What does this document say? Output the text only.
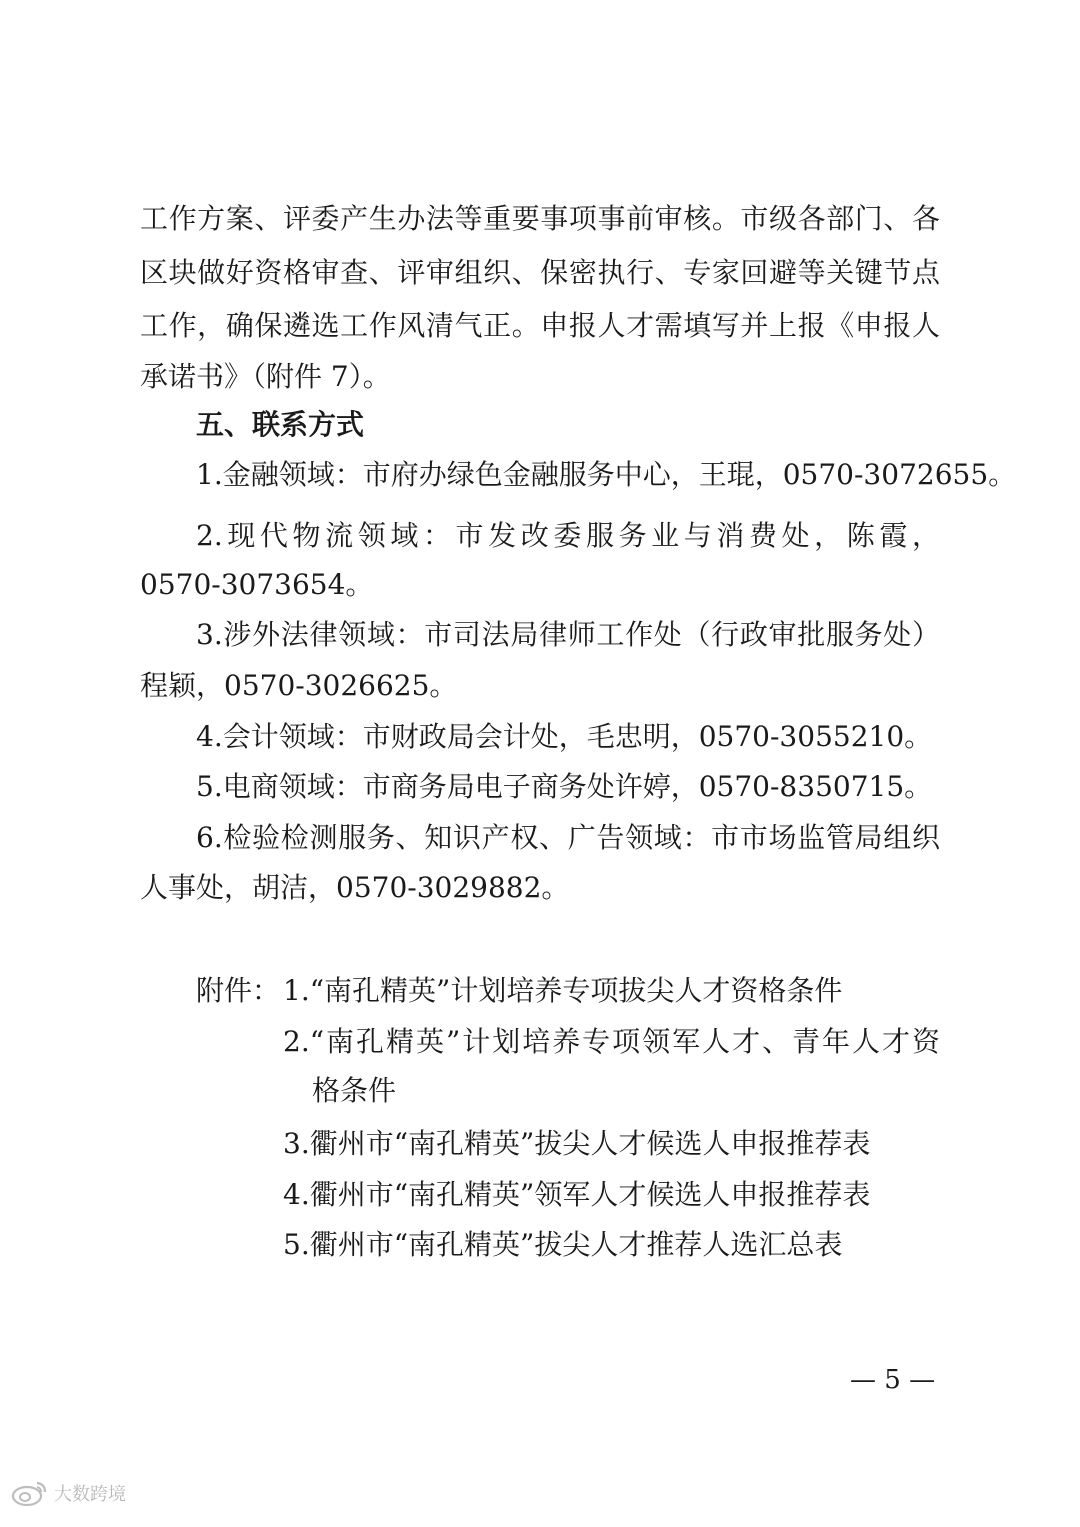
工作方案、评委产生办法等重要事项事前审核。市级各部门、各
区块做好资格审查、评审组织、保密执行、专家回避等关键节点
工作，确保遴选工作风清气正。申报人才需填写并上报《申报人
承诺书》（附件 7）。
五、联系方式
1.金融领域：市府办绿色金融服务中心，王琨，0570-3072655。
2.现代物流领域：市发改委服务业与消费处，陈霞，
0570-3073654。
3.涉外法律领域：市司法局律师工作处（行政审批服务处）
程颖，0570-3026625。
4.会计领域：市财政局会计处，毛忠明，0570-3055210。
5.电商领域：市商务局电子商务处许婷，0570-8350715。
6.检验检测服务、知识产权、广告领域：市市场监管局组织
人事处，胡洁，0570-3029882。
附件： 1.“南孔精英”计划培养专项拔尖人才资格条件
2.“南孔精英”计划培养专项领军人才、青年人才资
格条件
3.衢州市“南孔精英”拔尖人才候选人申报推荐表
4.衢州市“南孔精英”领军人才候选人申报推荐表
5.衢州市“南孔精英”拔尖人才推荐人选汇总表
— 5 —
大数跨境
